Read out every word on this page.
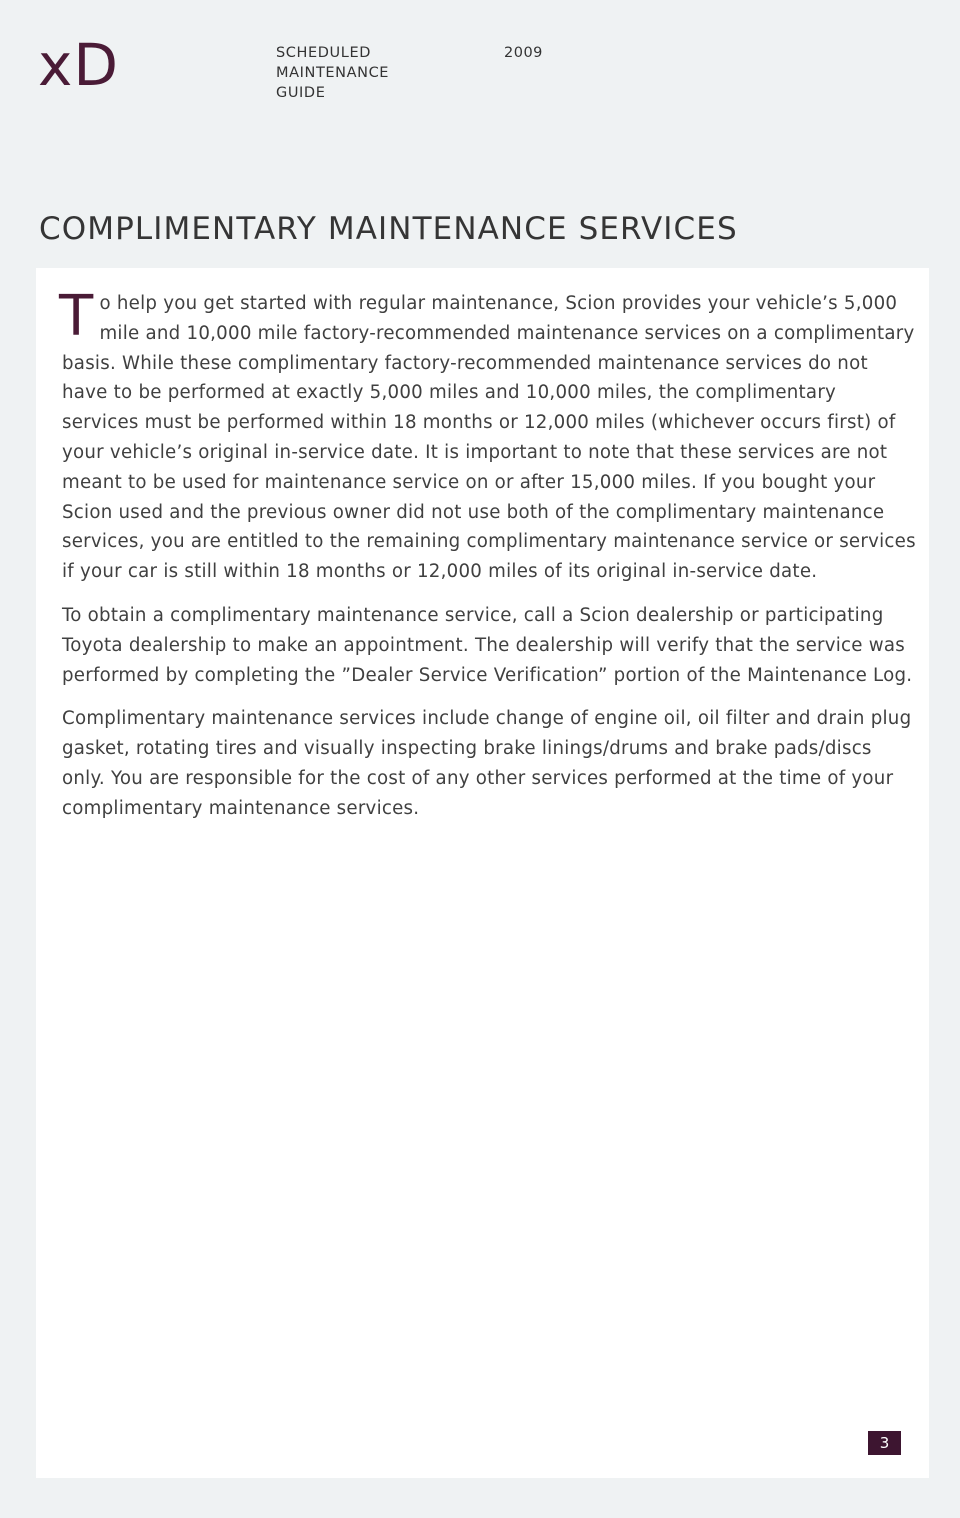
xD	SCHEDULED
MAINTENANCE
GUIDE
2009
COMPLIMENTARY MAINTENANCE SERVICES

To help you get started with regular maintenance, Scion provides your vehicle’s 5,000 mile and 10,000 mile factory-recommended maintenance services on a complimentary basis. While these complimentary factory-recommended maintenance services do not have to be performed at exactly 5,000 miles and 10,000 miles, the complimentary services must be performed within 18 months or 12,000 miles (whichever occurs first) of your vehicle’s original in-service date. It is important to note that these services are not meant to be used for maintenance service on or after 15,000 miles. If you bought your Scion used and the previous owner did not use both of the complimentary maintenance services, you are entitled to the remaining complimentary maintenance service or services if your car is still within 18 months or 12,000 miles of its original in-service date.

To obtain a complimentary maintenance service, call a Scion dealership or participating Toyota dealership to make an appointment. The dealership will verify that the service was performed by completing the ”Dealer Service Verification” portion of the Maintenance Log.

Complimentary maintenance services include change of engine oil, oil filter and drain plug gasket, rotating tires and visually inspecting brake linings/drums and brake pads/discs only. You are responsible for the cost of any other services performed at the time of your complimentary maintenance services.

3
